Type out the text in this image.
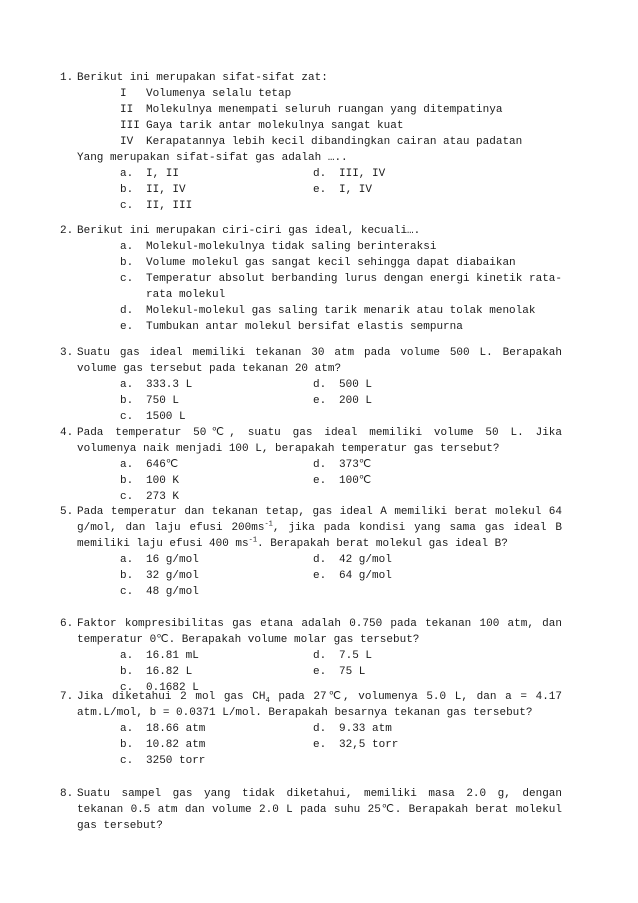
1. Berikut ini merupakan sifat-sifat zat:
I	Volumenya selalu tetap
II	Molekulnya menempati seluruh ruangan yang ditempatinya
III Gaya tarik antar molekulnya sangat kuat
IV	Kerapatannya lebih kecil dibandingkan cairan atau padatan
Yang merupakan sifat-sifat gas adalah …..
a.	I, II	d.	III, IV
b.	II, IV	e.	I, IV
c.	II, III
2. Berikut ini merupakan ciri-ciri gas ideal, kecuali….
a.	Molekul-molekulnya tidak saling berinteraksi
b.	Volume molekul gas sangat kecil sehingga dapat diabaikan
c.	Temperatur absolut berbanding lurus dengan energi kinetik rata-rata molekul
d.	Molekul-molekul gas saling tarik menarik atau tolak menolak
e.	Tumbukan antar molekul bersifat elastis sempurna
3. Suatu gas ideal memiliki tekanan 30 atm pada volume 500 L. Berapakah volume gas tersebut pada tekanan 20 atm?
a.	333.3 L	d.	500 L
b.	750 L	e.	200 L
c.	1500 L
4. Pada temperatur 50℃, suatu gas ideal memiliki volume 50 L. Jika volumenya naik menjadi 100 L, berapakah temperatur gas tersebut?
a.	646℃	d.	373℃
b.	100 K	e.	100℃
c.	273 K
5. Pada temperatur dan tekanan tetap, gas ideal A memiliki berat molekul 64 g/mol, dan laju efusi $200ms^{-1}$, jika pada kondisi yang sama gas ideal B memiliki laju efusi 400 $ms^{-1}$. Berapakah berat molekul gas ideal B?
a.	16 g/mol	d.	42 g/mol
b.	32 g/mol	e.	64 g/mol
c.	48 g/mol
6. Faktor kompresibilitas gas etana adalah 0.750 pada tekanan 100 atm, dan temperatur 0℃. Berapakah volume molar gas tersebut?
a.	16.81 mL	d.	7.5 L
b.	16.82 L	e.	75 L
c.	0.1682 L
7. Jika diketahui 2 mol gas $CH_4$ pada 27℃, volumenya 5.0 L, dan a = 4.17 atm.L/mol, b = 0.0371 L/mol. Berapakah besarnya tekanan gas tersebut?
a.	18.66 atm	d.	9.33 atm
b.	10.82 atm	e.	32,5 torr
c.	3250 torr
8. Suatu sampel gas yang tidak diketahui, memiliki masa 2.0 g, dengan tekanan 0.5 atm dan volume 2.0 L pada suhu 25℃. Berapakah berat molekul gas tersebut?
